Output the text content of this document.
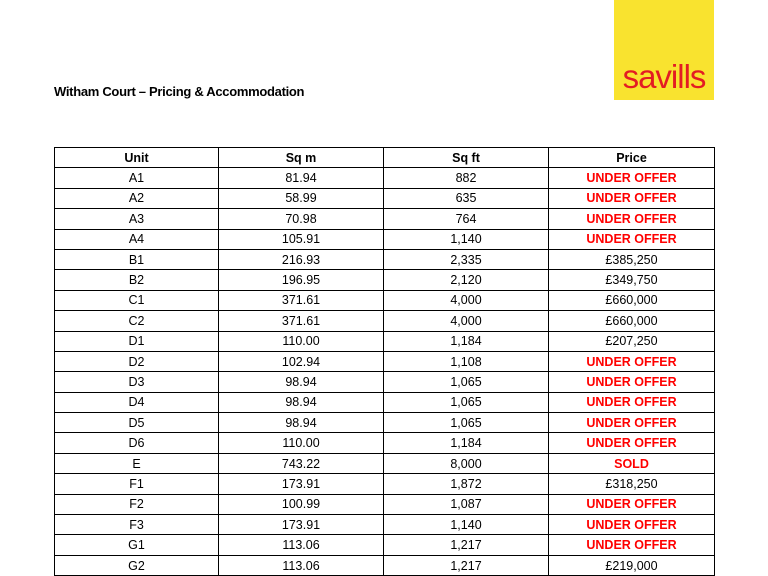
savills
Witham Court – Pricing & Accommodation
Unit	Sq m	Sq ft	Price
A1	81.94	882	UNDER OFFER
A2	58.99	635	UNDER OFFER
A3	70.98	764	UNDER OFFER
A4	105.91	1,140	UNDER OFFER
B1	216.93	2,335	£385,250
B2	196.95	2,120	£349,750
C1	371.61	4,000	£660,000
C2	371.61	4,000	£660,000
D1	110.00	1,184	£207,250
D2	102.94	1,108	UNDER OFFER
D3	98.94	1,065	UNDER OFFER
D4	98.94	1,065	UNDER OFFER
D5	98.94	1,065	UNDER OFFER
D6	110.00	1,184	UNDER OFFER
E	743.22	8,000	SOLD
F1	173.91	1,872	£318,250
F2	100.99	1,087	UNDER OFFER
F3	173.91	1,140	UNDER OFFER
G1	113.06	1,217	UNDER OFFER
G2	113.06	1,217	£219,000
